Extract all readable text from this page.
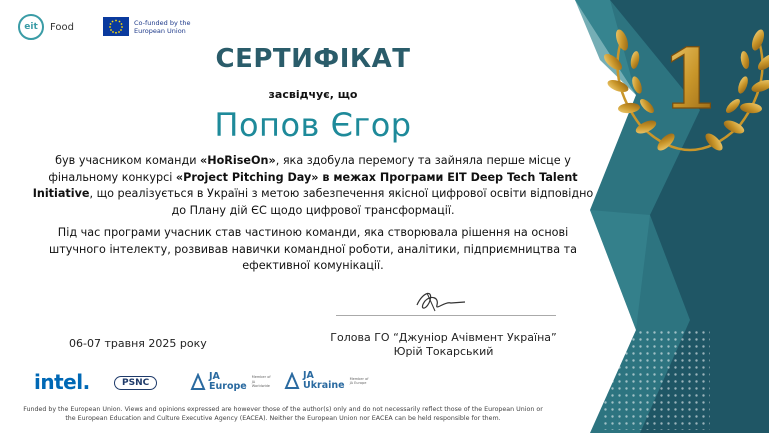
1
eit	Food	Co-funded by the
European Union
СЕРТИФІКАТ
засвідчує, що
Попов Єгор
був учасником команди «HoRiseOn», яка здобула перемогу та зайняла перше місце у фінальному конкурсі «Project Pitching Day» в межах Програми EIT Deep Tech Talent Initiative, що реалізується в Україні з метою забезпечення якісної цифрової освіти відповідно до Плану дій ЄС щодо цифрової трансформації.
Під час програми учасник став частиною команди, яка створювала рішення на основі штучного інтелекту, розвивав навички командної роботи, аналітики, підприємництва та ефективної комунікації.
Голова ГО “Джуніор Ачівмент Україна”
Юрій Токарський
06-07 травня 2025 року
intel.	PSNC
JA
Europe
Member of JA Worldwide
JA
Ukraine
Member of JA Europe
Funded by the European Union. Views and opinions expressed are however those of the author(s) only and do not necessarily reflect those of the European Union or the European Education and Culture Executive Agency (EACEA). Neither the European Union nor EACEA can be held responsible for them.
